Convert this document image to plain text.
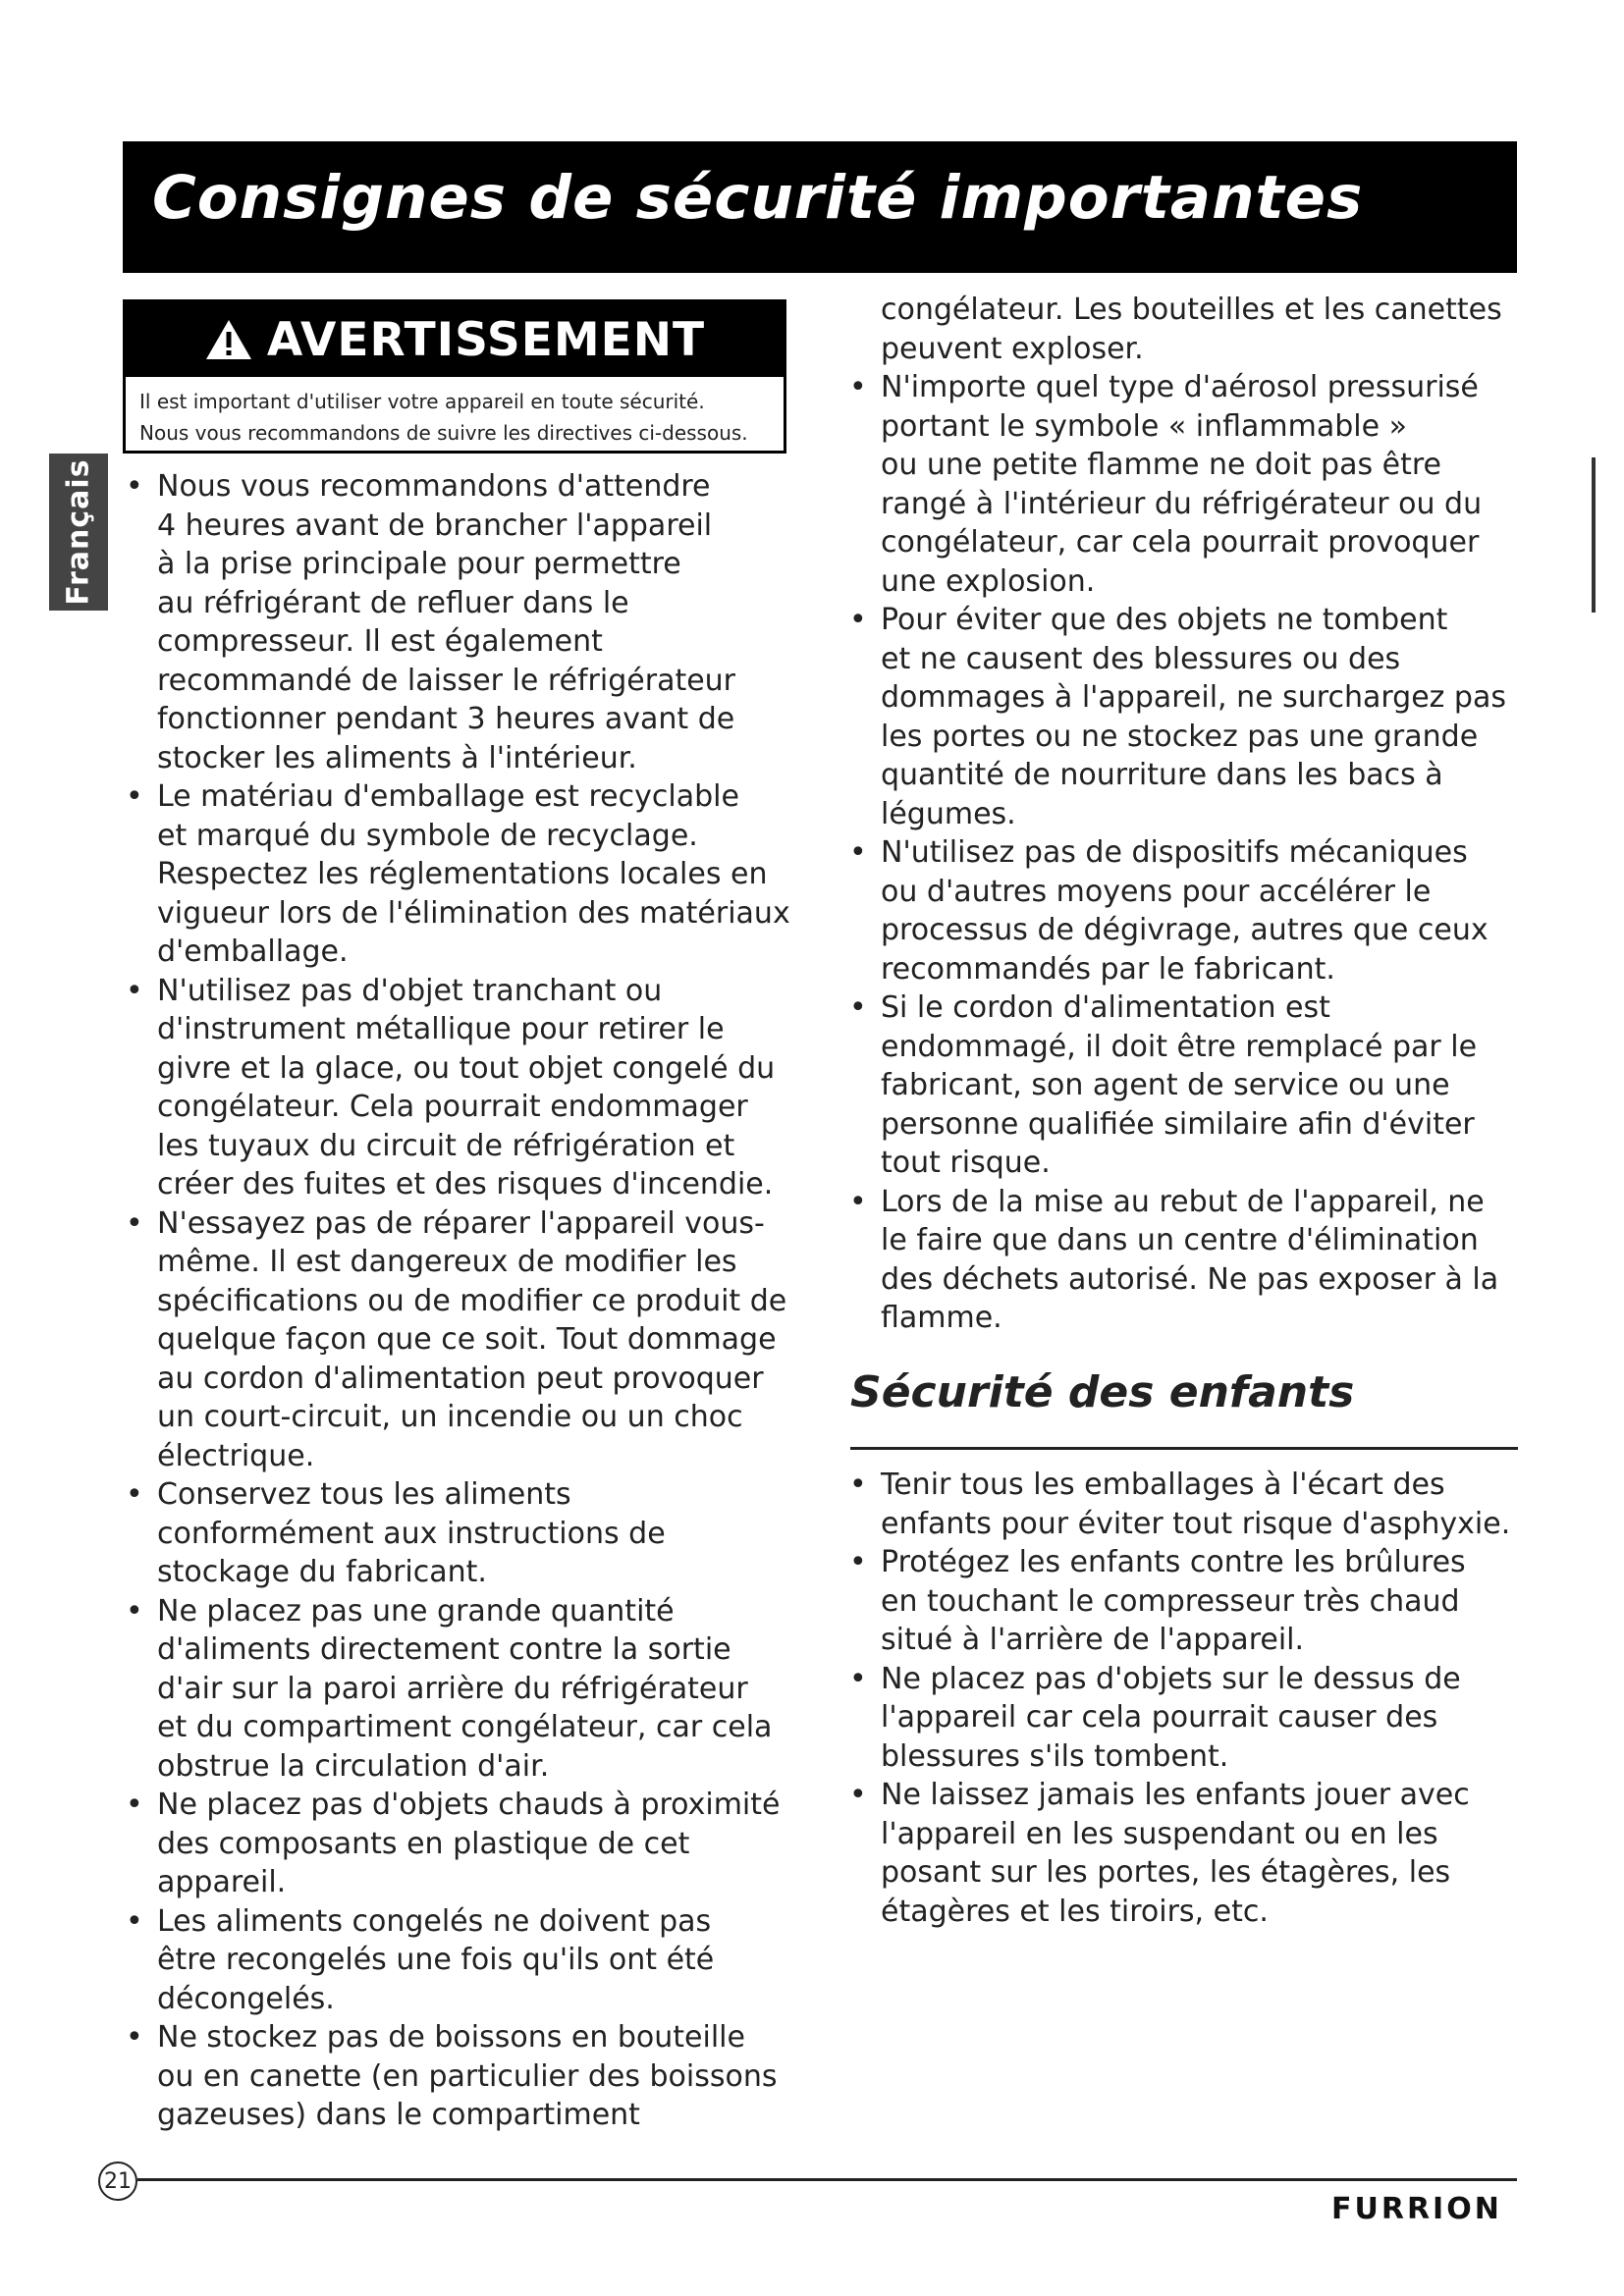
Consignes de sécurité importantes
Français
AVERTISSEMENT
Il est important d'utiliser votre appareil en toute sécurité.
Nous vous recommandons de suivre les directives ci-dessous.
• Nous vous recommandons d'attendre
4 heures avant de brancher l'appareil
à la prise principale pour permettre
au réfrigérant de refluer dans le
compresseur. Il est également
recommandé de laisser le réfrigérateur
fonctionner pendant 3 heures avant de
stocker les aliments à l'intérieur.
• Le matériau d'emballage est recyclable
et marqué du symbole de recyclage.
Respectez les réglementations locales en
vigueur lors de l'élimination des matériaux
d'emballage.
• N'utilisez pas d'objet tranchant ou
d'instrument métallique pour retirer le
givre et la glace, ou tout objet congelé du
congélateur. Cela pourrait endommager
les tuyaux du circuit de réfrigération et
créer des fuites et des risques d'incendie.
• N'essayez pas de réparer l'appareil vous-
même. Il est dangereux de modifier les
spécifications ou de modifier ce produit de
quelque façon que ce soit. Tout dommage
au cordon d'alimentation peut provoquer
un court-circuit, un incendie ou un choc
électrique.
• Conservez tous les aliments
conformément aux instructions de
stockage du fabricant.
• Ne placez pas une grande quantité
d'aliments directement contre la sortie
d'air sur la paroi arrière du réfrigérateur
et du compartiment congélateur, car cela
obstrue la circulation d'air.
• Ne placez pas d'objets chauds à proximité
des composants en plastique de cet
appareil.
• Les aliments congelés ne doivent pas
être recongelés une fois qu'ils ont été
décongelés.
• Ne stockez pas de boissons en bouteille
ou en canette (en particulier des boissons
gazeuses) dans le compartiment
congélateur. Les bouteilles et les canettes
peuvent exploser.
• N'importe quel type d'aérosol pressurisé
portant le symbole « inflammable »
ou une petite flamme ne doit pas être
rangé à l'intérieur du réfrigérateur ou du
congélateur, car cela pourrait provoquer
une explosion.
• Pour éviter que des objets ne tombent
et ne causent des blessures ou des
dommages à l'appareil, ne surchargez pas
les portes ou ne stockez pas une grande
quantité de nourriture dans les bacs à
légumes.
• N'utilisez pas de dispositifs mécaniques
ou d'autres moyens pour accélérer le
processus de dégivrage, autres que ceux
recommandés par le fabricant.
• Si le cordon d'alimentation est
endommagé, il doit être remplacé par le
fabricant, son agent de service ou une
personne qualifiée similaire afin d'éviter
tout risque.
• Lors de la mise au rebut de l'appareil, ne
le faire que dans un centre d'élimination
des déchets autorisé. Ne pas exposer à la
flamme.
Sécurité des enfants
• Tenir tous les emballages à l'écart des
enfants pour éviter tout risque d'asphyxie.
• Protégez les enfants contre les brûlures
en touchant le compresseur très chaud
situé à l'arrière de l'appareil.
• Ne placez pas d'objets sur le dessus de
l'appareil car cela pourrait causer des
blessures s'ils tombent.
• Ne laissez jamais les enfants jouer avec
l'appareil en les suspendant ou en les
posant sur les portes, les étagères, les
étagères et les tiroirs, etc.
21
FURRION
